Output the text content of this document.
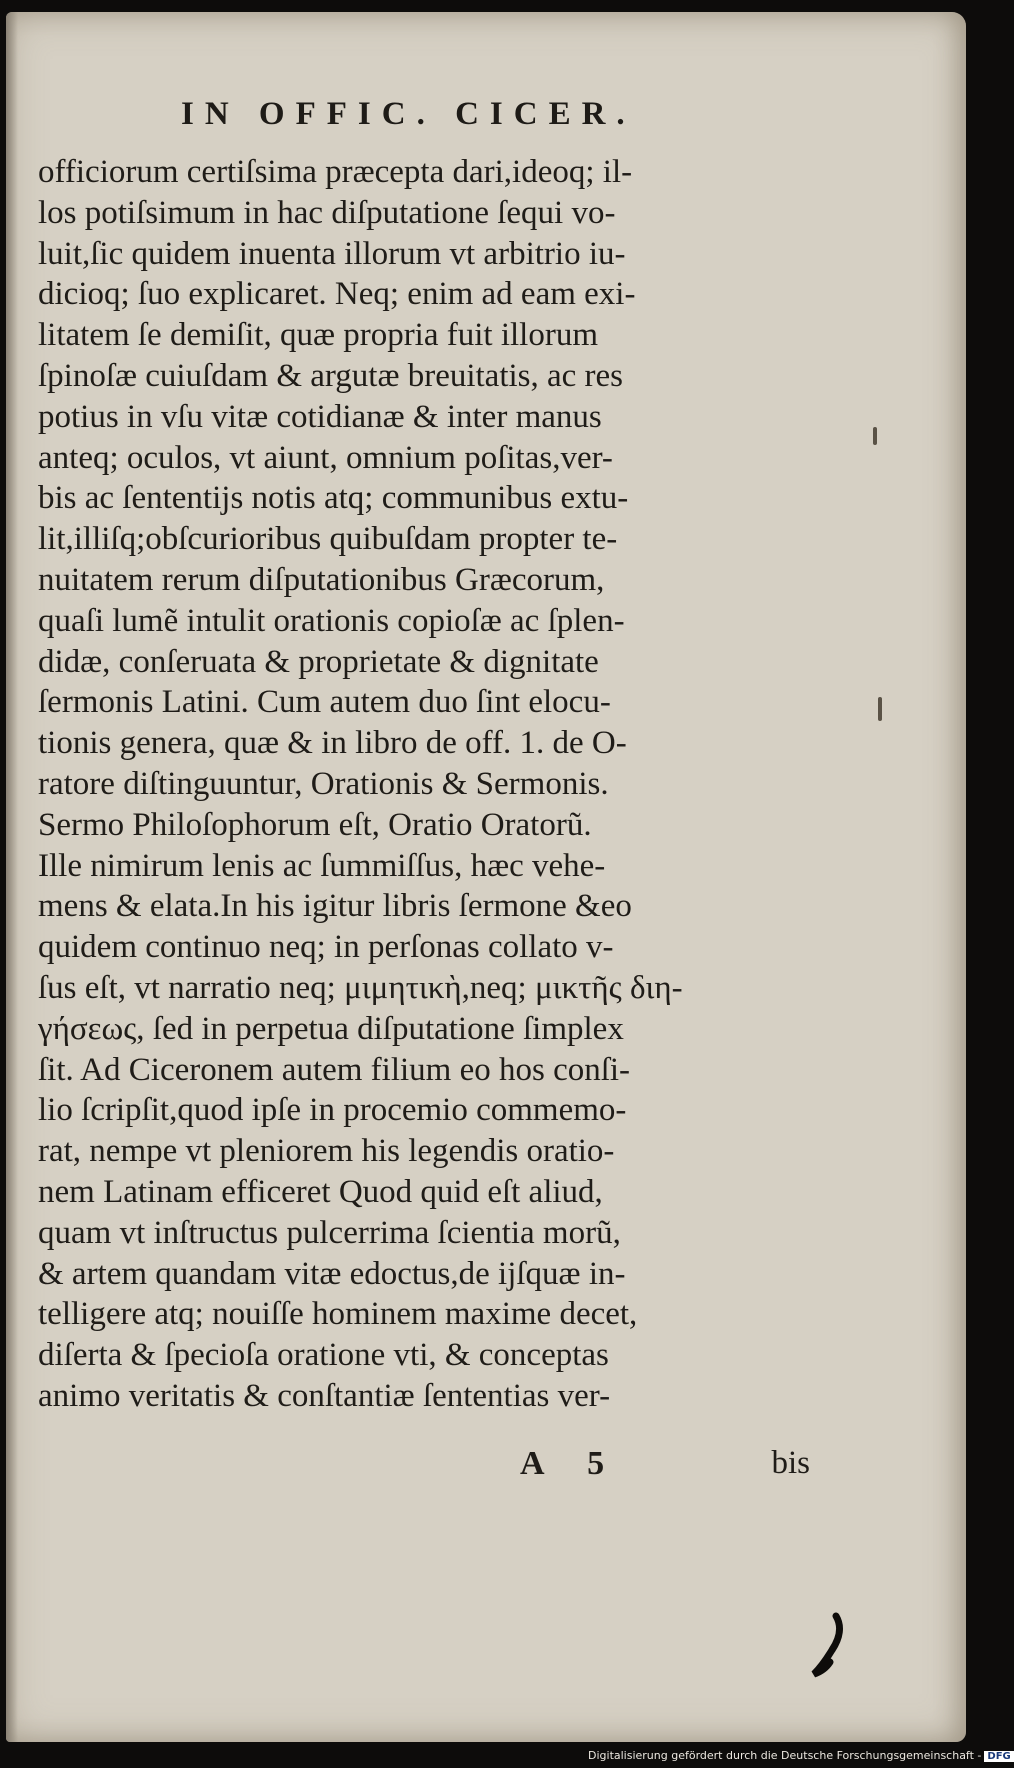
IN OFFIC. CICER.
officiorum certiſsima præcepta dari,ideoq; il-
los potiſsimum in hac diſputatione ſequi vo-
luit,ſic quidem inuenta illorum vt arbitrio iu-
dicioq; ſuo explicaret. Neq; enim ad eam exi-
litatem ſe demiſit, quæ propria fuit illorum
ſpinoſæ cuiuſdam & argutæ breuitatis, ac res
potius in vſu vitæ cotidianæ & inter manus
anteq; oculos, vt aiunt, omnium poſitas,ver-
bis ac ſententijs notis atq; communibus extu-
lit,illiſq;obſcurioribus quibuſdam propter te-
nuitatem rerum diſputationibus Græcorum,
quaſi lumẽ intulit orationis copioſæ ac ſplen-
didæ, conſeruata & proprietate & dignitate
ſermonis Latini. Cum autem duo ſint elocu-
tionis genera, quæ & in libro de off. 1. de O-
ratore diſtinguuntur, Orationis & Sermonis.
Sermo Philoſophorum eſt, Oratio Oratorũ.
Ille nimirum lenis ac ſummiſſus, hæc vehe-
mens & elata.In his igitur libris ſermone &eo
quidem continuo neq; in perſonas collato v-
ſus eſt, vt narratio neq; μιμητικὴ,neq; μικτῆς διη-
γήσεως, ſed in perpetua diſputatione ſimplex
ſit. Ad Ciceronem autem filium eo hos conſi-
lio ſcripſit,quod ipſe in procemio commemo-
rat, nempe vt pleniorem his legendis oratio-
nem Latinam efficeret Quod quid eſt aliud,
quam vt inſtructus pulcerrima ſcientia morũ,
& artem quandam vitæ edoctus,de ijſquæ in-
telligere atq; nouiſſe hominem maxime decet,
diſerta & ſpecioſa oratione vti, & conceptas
animo veritatis & conſtantiæ ſententias ver-
A 5	bis
Digitalisierung gefördert durch die Deutsche Forschungsgemeinschaft - DFG
